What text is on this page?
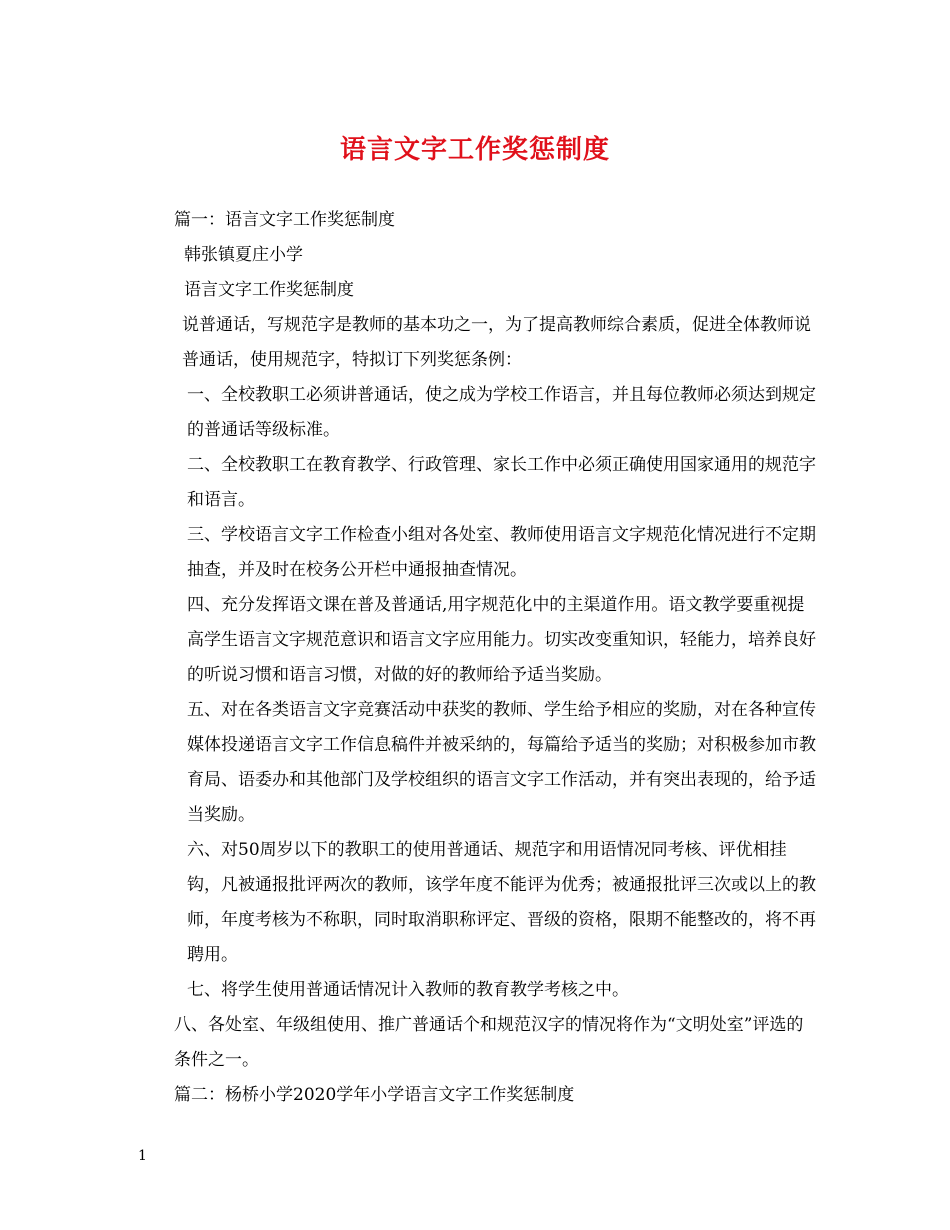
语言文字工作奖惩制度

篇一：语言文字工作奖惩制度

韩张镇夏庄小学

语言文字工作奖惩制度

说普通话，写规范字是教师的基本功之一，为了提高教师综合素质，促进全体教师说普通话，使用规范字，特拟订下列奖惩条例：

一、全校教职工必须讲普通话，使之成为学校工作语言，并且每位教师必须达到规定的普通话等级标准。

二、全校教职工在教育教学、行政管理、家长工作中必须正确使用国家通用的规范字和语言。

三、学校语言文字工作检查小组对各处室、教师使用语言文字规范化情况进行不定期抽查，并及时在校务公开栏中通报抽查情况。

四、充分发挥语文课在普及普通话,用字规范化中的主渠道作用。语文教学要重视提高学生语言文字规范意识和语言文字应用能力。切实改变重知识，轻能力，培养良好的听说习惯和语言习惯，对做的好的教师给予适当奖励。

五、对在各类语言文字竞赛活动中获奖的教师、学生给予相应的奖励，对在各种宣传媒体投递语言文字工作信息稿件并被采纳的，每篇给予适当的奖励；对积极参加市教育局、语委办和其他部门及学校组织的语言文字工作活动，并有突出表现的，给予适当奖励。

六、对50周岁以下的教职工的使用普通话、规范字和用语情况同考核、评优相挂钩，凡被通报批评两次的教师，该学年度不能评为优秀；被通报批评三次或以上的教师，年度考核为不称职，同时取消职称评定、晋级的资格，限期不能整改的，将不再聘用。

七、将学生使用普通话情况计入教师的教育教学考核之中。

八、各处室、年级组使用、推广普通话个和规范汉字的情况将作为“文明处室”评选的条件之一。

篇二：杨桥小学2020学年小学语言文字工作奖惩制度

1
